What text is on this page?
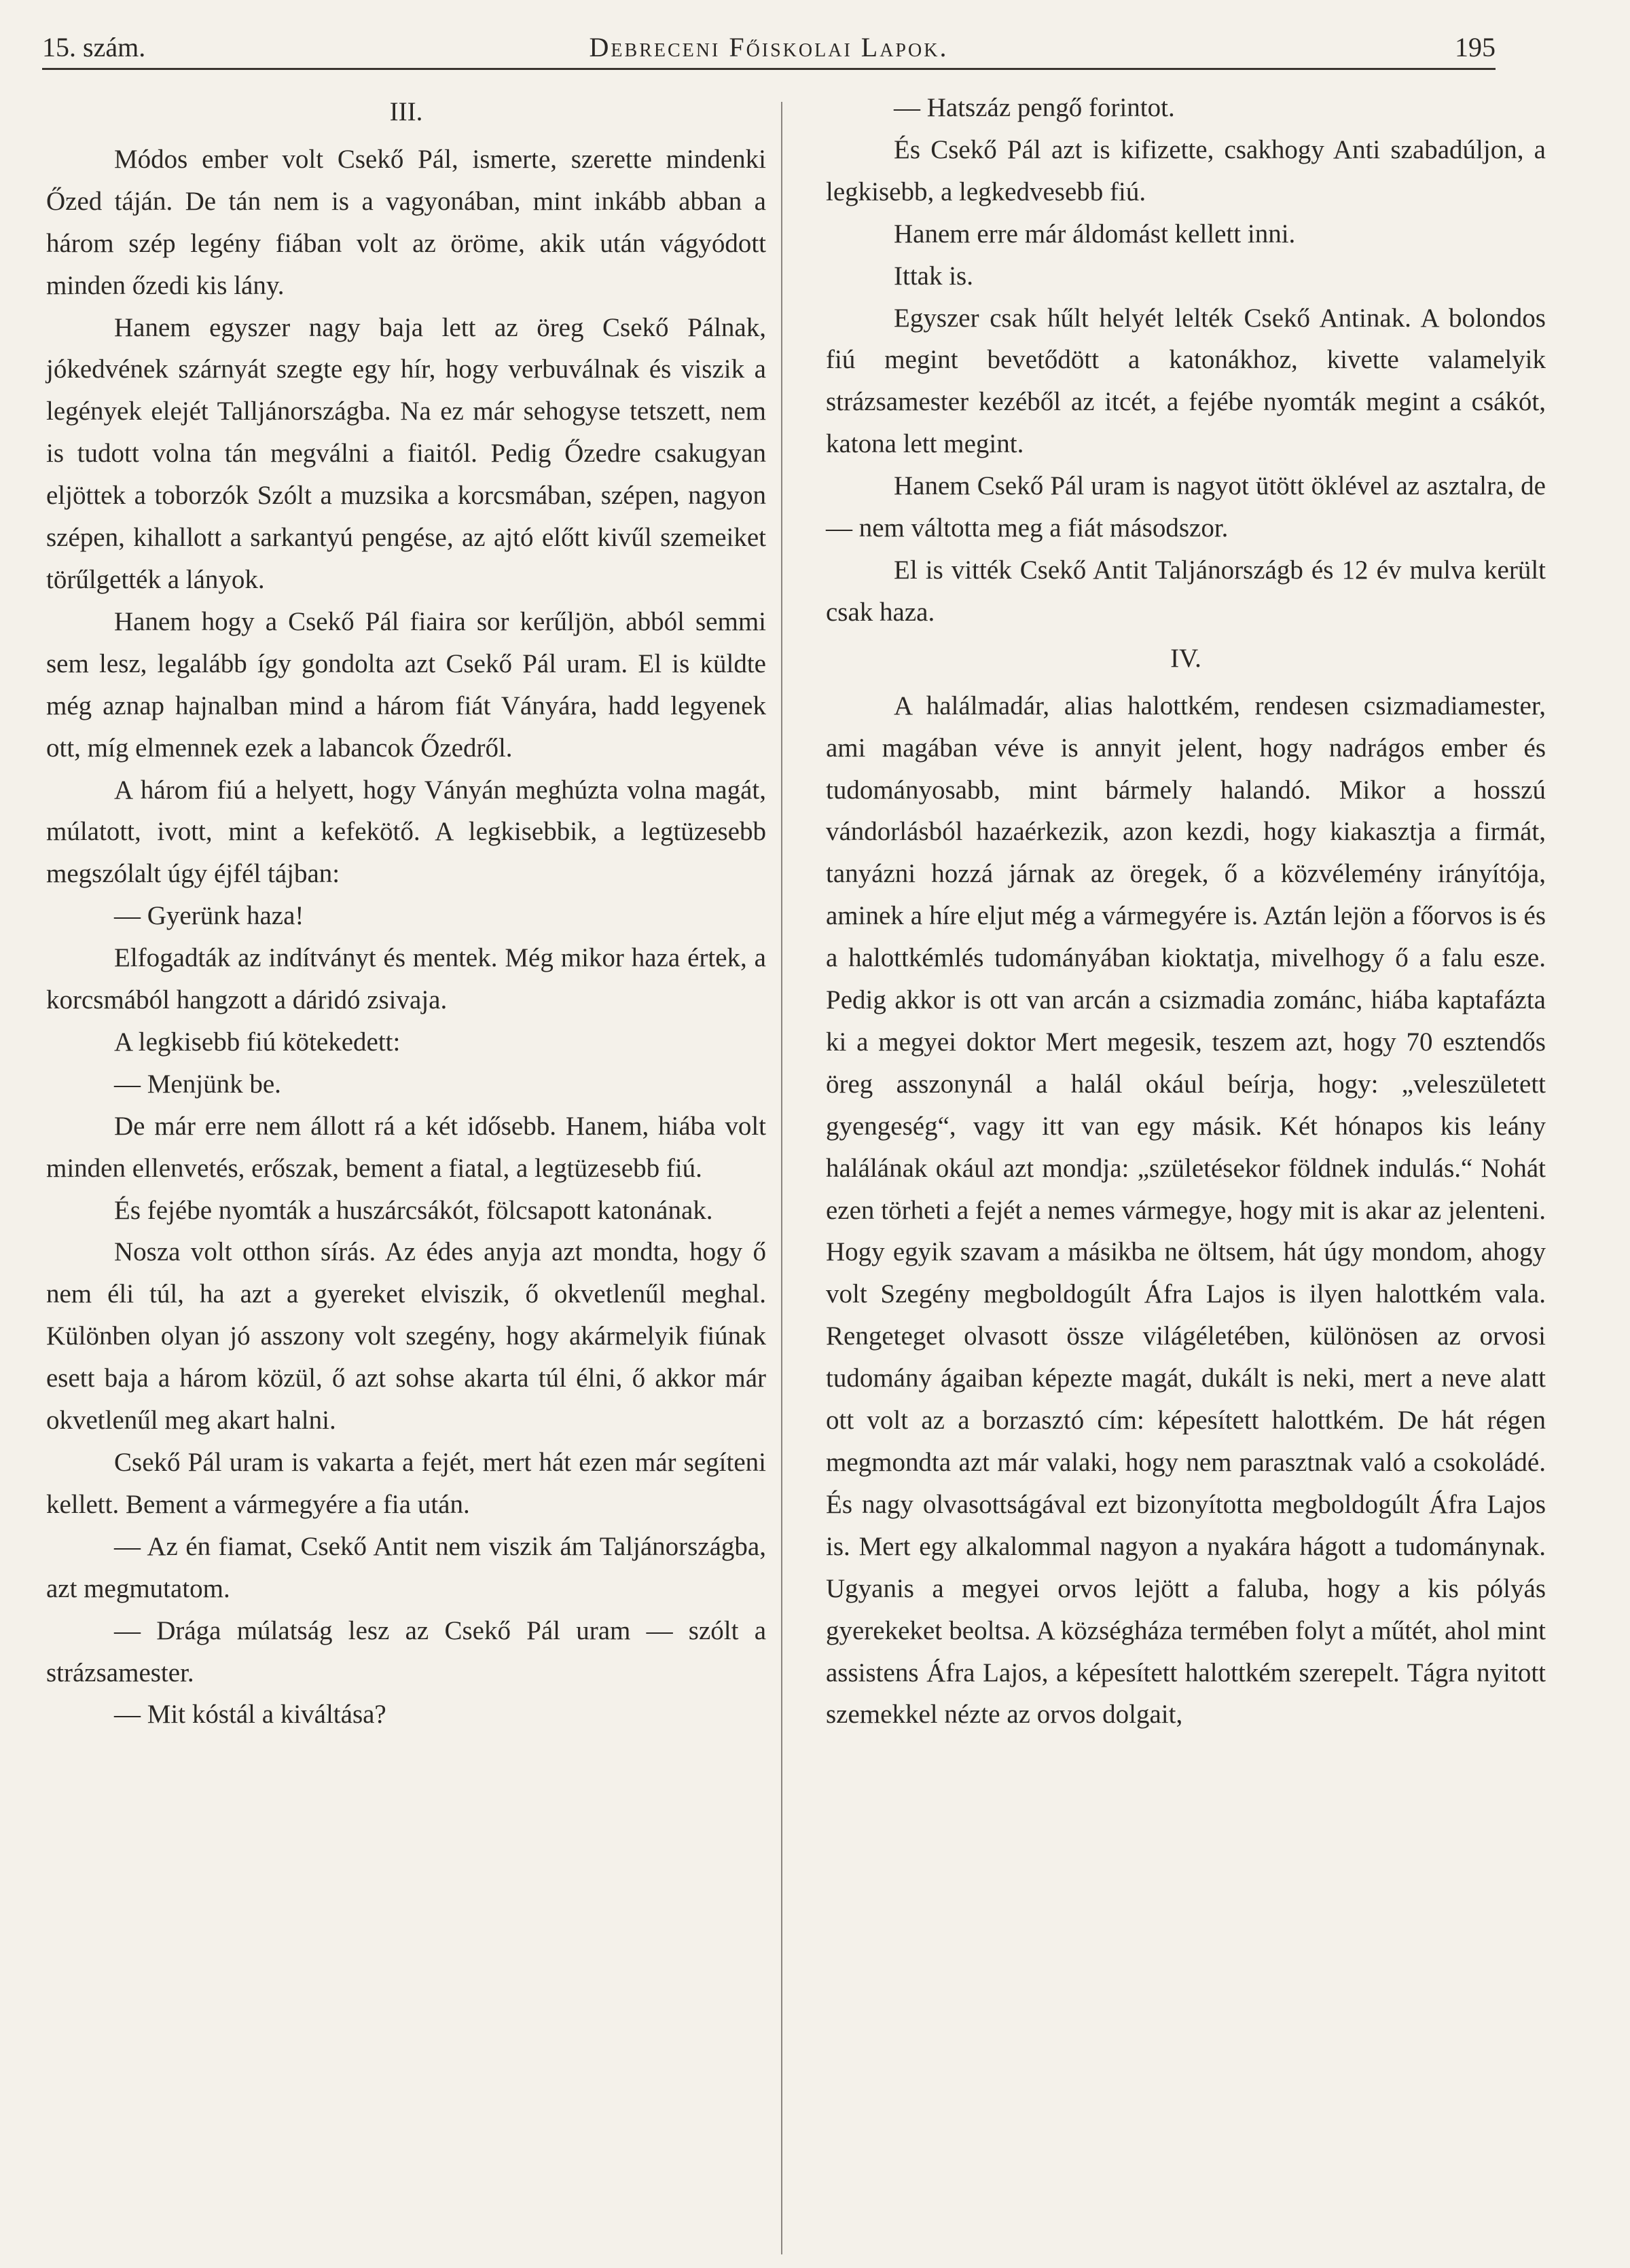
15. szám.	Debreceni Főiskolai Lapok.	195

III.

Módos ember volt Csekő Pál, ismerte, szerette mindenki Őzed táján. De tán nem is a vagyonában, mint inkább abban a három szép legény fiában volt az öröme, akik után vágyódott minden őzedi kis lány.

Hanem egyszer nagy baja lett az öreg Csekő Pálnak, jókedvének szárnyát szegte egy hír, hogy verbuválnak és viszik a legények elejét Talljánországba. Na ez már sehogyse tetszett, nem is tudott volna tán megválni a fiaitól. Pedig Őzedre csakugyan eljöttek a toborzók Szólt a muzsika a korcsmában, szépen, nagyon szépen, kihallott a sarkantyú pengése, az ajtó előtt kivűl szemeiket törűlgették a lányok.

Hanem hogy a Csekő Pál fiaira sor kerűljön, abból semmi sem lesz, legalább így gondolta azt Csekő Pál uram. El is küldte még aznap hajnalban mind a három fiát Ványára, hadd legyenek ott, míg elmennek ezek a labancok Őzedről.

A három fiú a helyett, hogy Ványán meghúzta volna magát, múlatott, ivott, mint a kefekötő. A legkisebbik, a legtüzesebb megszólalt úgy éjfél tájban:

— Gyerünk haza!

Elfogadták az indítványt és mentek. Még mikor haza értek, a korcsmából hangzott a dáridó zsivaja.

A legkisebb fiú kötekedett:

— Menjünk be.

De már erre nem állott rá a két idősebb. Hanem, hiába volt minden ellenvetés, erőszak, bement a fiatal, a legtüzesebb fiú.

És fejébe nyomták a huszárcsákót, fölcsapott katonának.

Nosza volt otthon sírás. Az édes anyja azt mondta, hogy ő nem éli túl, ha azt a gyereket elviszik, ő okvetlenűl meghal. Különben olyan jó asszony volt szegény, hogy akármelyik fiúnak esett baja a három közül, ő azt sohse akarta túl élni, ő akkor már okvetlenűl meg akart halni.

Csekő Pál uram is vakarta a fejét, mert hát ezen már segíteni kellett. Bement a vármegyére a fia után.

— Az én fiamat, Csekő Antit nem viszik ám Taljánországba, azt megmutatom.

— Drága múlatság lesz az Csekő Pál uram — szólt a strázsamester.

— Mit kóstál a kiváltása?

— Hatszáz pengő forintot.

És Csekő Pál azt is kifizette, csakhogy Anti szabadúljon, a legkisebb, a legkedvesebb fiú.

Hanem erre már áldomást kellett inni.

Ittak is.

Egyszer csak hűlt helyét lelték Csekő Antinak. A bolondos fiú megint bevetődött a katonákhoz, kivette valamelyik strázsamester kezéből az itcét, a fejébe nyomták megint a csákót, katona lett megint.

Hanem Csekő Pál uram is nagyot ütött öklével az asztalra, de — nem váltotta meg a fiát másodszor.

El is vitték Csekő Antit Taljánországb és 12 év mulva került csak haza.

IV.

A halálmadár, alias halottkém, rendesen csizmadiamester, ami magában véve is annyit jelent, hogy nadrágos ember és tudományosabb, mint bármely halandó. Mikor a hosszú vándorlásból hazaérkezik, azon kezdi, hogy kiakasztja a firmát, tanyázni hozzá járnak az öregek, ő a közvélemény irányítója, aminek a híre eljut még a vármegyére is. Aztán lejön a főorvos is és a halottkémlés tudományában kioktatja, mivelhogy ő a falu esze. Pedig akkor is ott van arcán a csizmadia zománc, hiába kaptafázta ki a megyei doktor Mert megesik, teszem azt, hogy 70 esztendős öreg asszonynál a halál okául beírja, hogy: „veleszületett gyengeség“, vagy itt van egy másik. Két hónapos kis leány halálának okául azt mondja: „születésekor földnek indulás.“ Nohát ezen törheti a fejét a nemes vármegye, hogy mit is akar az jelenteni. Hogy egyik szavam a másikba ne öltsem, hát úgy mondom, ahogy volt Szegény megboldogúlt Áfra Lajos is ilyen halottkém vala. Rengeteget olvasott össze világéletében, különösen az orvosi tudomány ágaiban képezte magát, dukált is neki, mert a neve alatt ott volt az a borzasztó cím: képesített halottkém. De hát régen megmondta azt már valaki, hogy nem parasztnak való a csokoládé. És nagy olvasottságával ezt bizonyította megboldogúlt Áfra Lajos is. Mert egy alkalommal nagyon a nyakára hágott a tudománynak. Ugyanis a megyei orvos lejött a faluba, hogy a kis pólyás gyerekeket beoltsa. A községháza termében folyt a műtét, ahol mint assistens Áfra Lajos, a képesített halottkém szerepelt. Tágra nyitott szemekkel nézte az orvos dolgait,
